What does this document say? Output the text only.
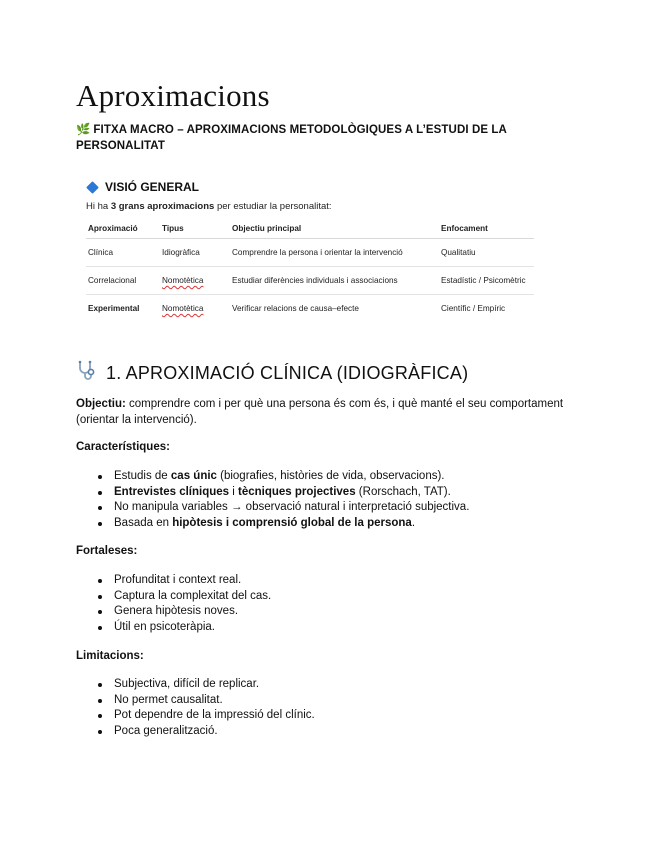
Aproximacions
🌿 FITXA MACRO – APROXIMACIONS METODOLÒGIQUES A L’ESTUDI DE LA PERSONALITAT
VISIÓ GENERAL
Hi ha 3 grans aproximacions per estudiar la personalitat:
Aproximació	Tipus	Objectiu principal	Enfocament
Clínica	Idiogràfica	Comprendre la persona i orientar la intervenció	Qualitatiu
Correlacional	Nomotètica	Estudiar diferències individuals i associacions	Estadístic / Psicomètric
Experimental	Nomotètica	Verificar relacions de causa–efecte	Científic / Empíric
1. APROXIMACIÓ CLÍNICA (IDIOGRÀFICA)
Objectiu: comprendre com i per què una persona és com és, i què manté el seu comportament (orientar la intervenció).
Característiques:
Estudis de cas únic (biografies, històries de vida, observacions).
Entrevistes clíniques i tècniques projectives (Rorschach, TAT).
No manipula variables → observació natural i interpretació subjectiva.
Basada en hipòtesis i comprensió global de la persona.
Fortaleses:
Profunditat i context real.
Captura la complexitat del cas.
Genera hipòtesis noves.
Útil en psicoteràpia.
Limitacions:
Subjectiva, difícil de replicar.
No permet causalitat.
Pot dependre de la impressió del clínic.
Poca generalització.
